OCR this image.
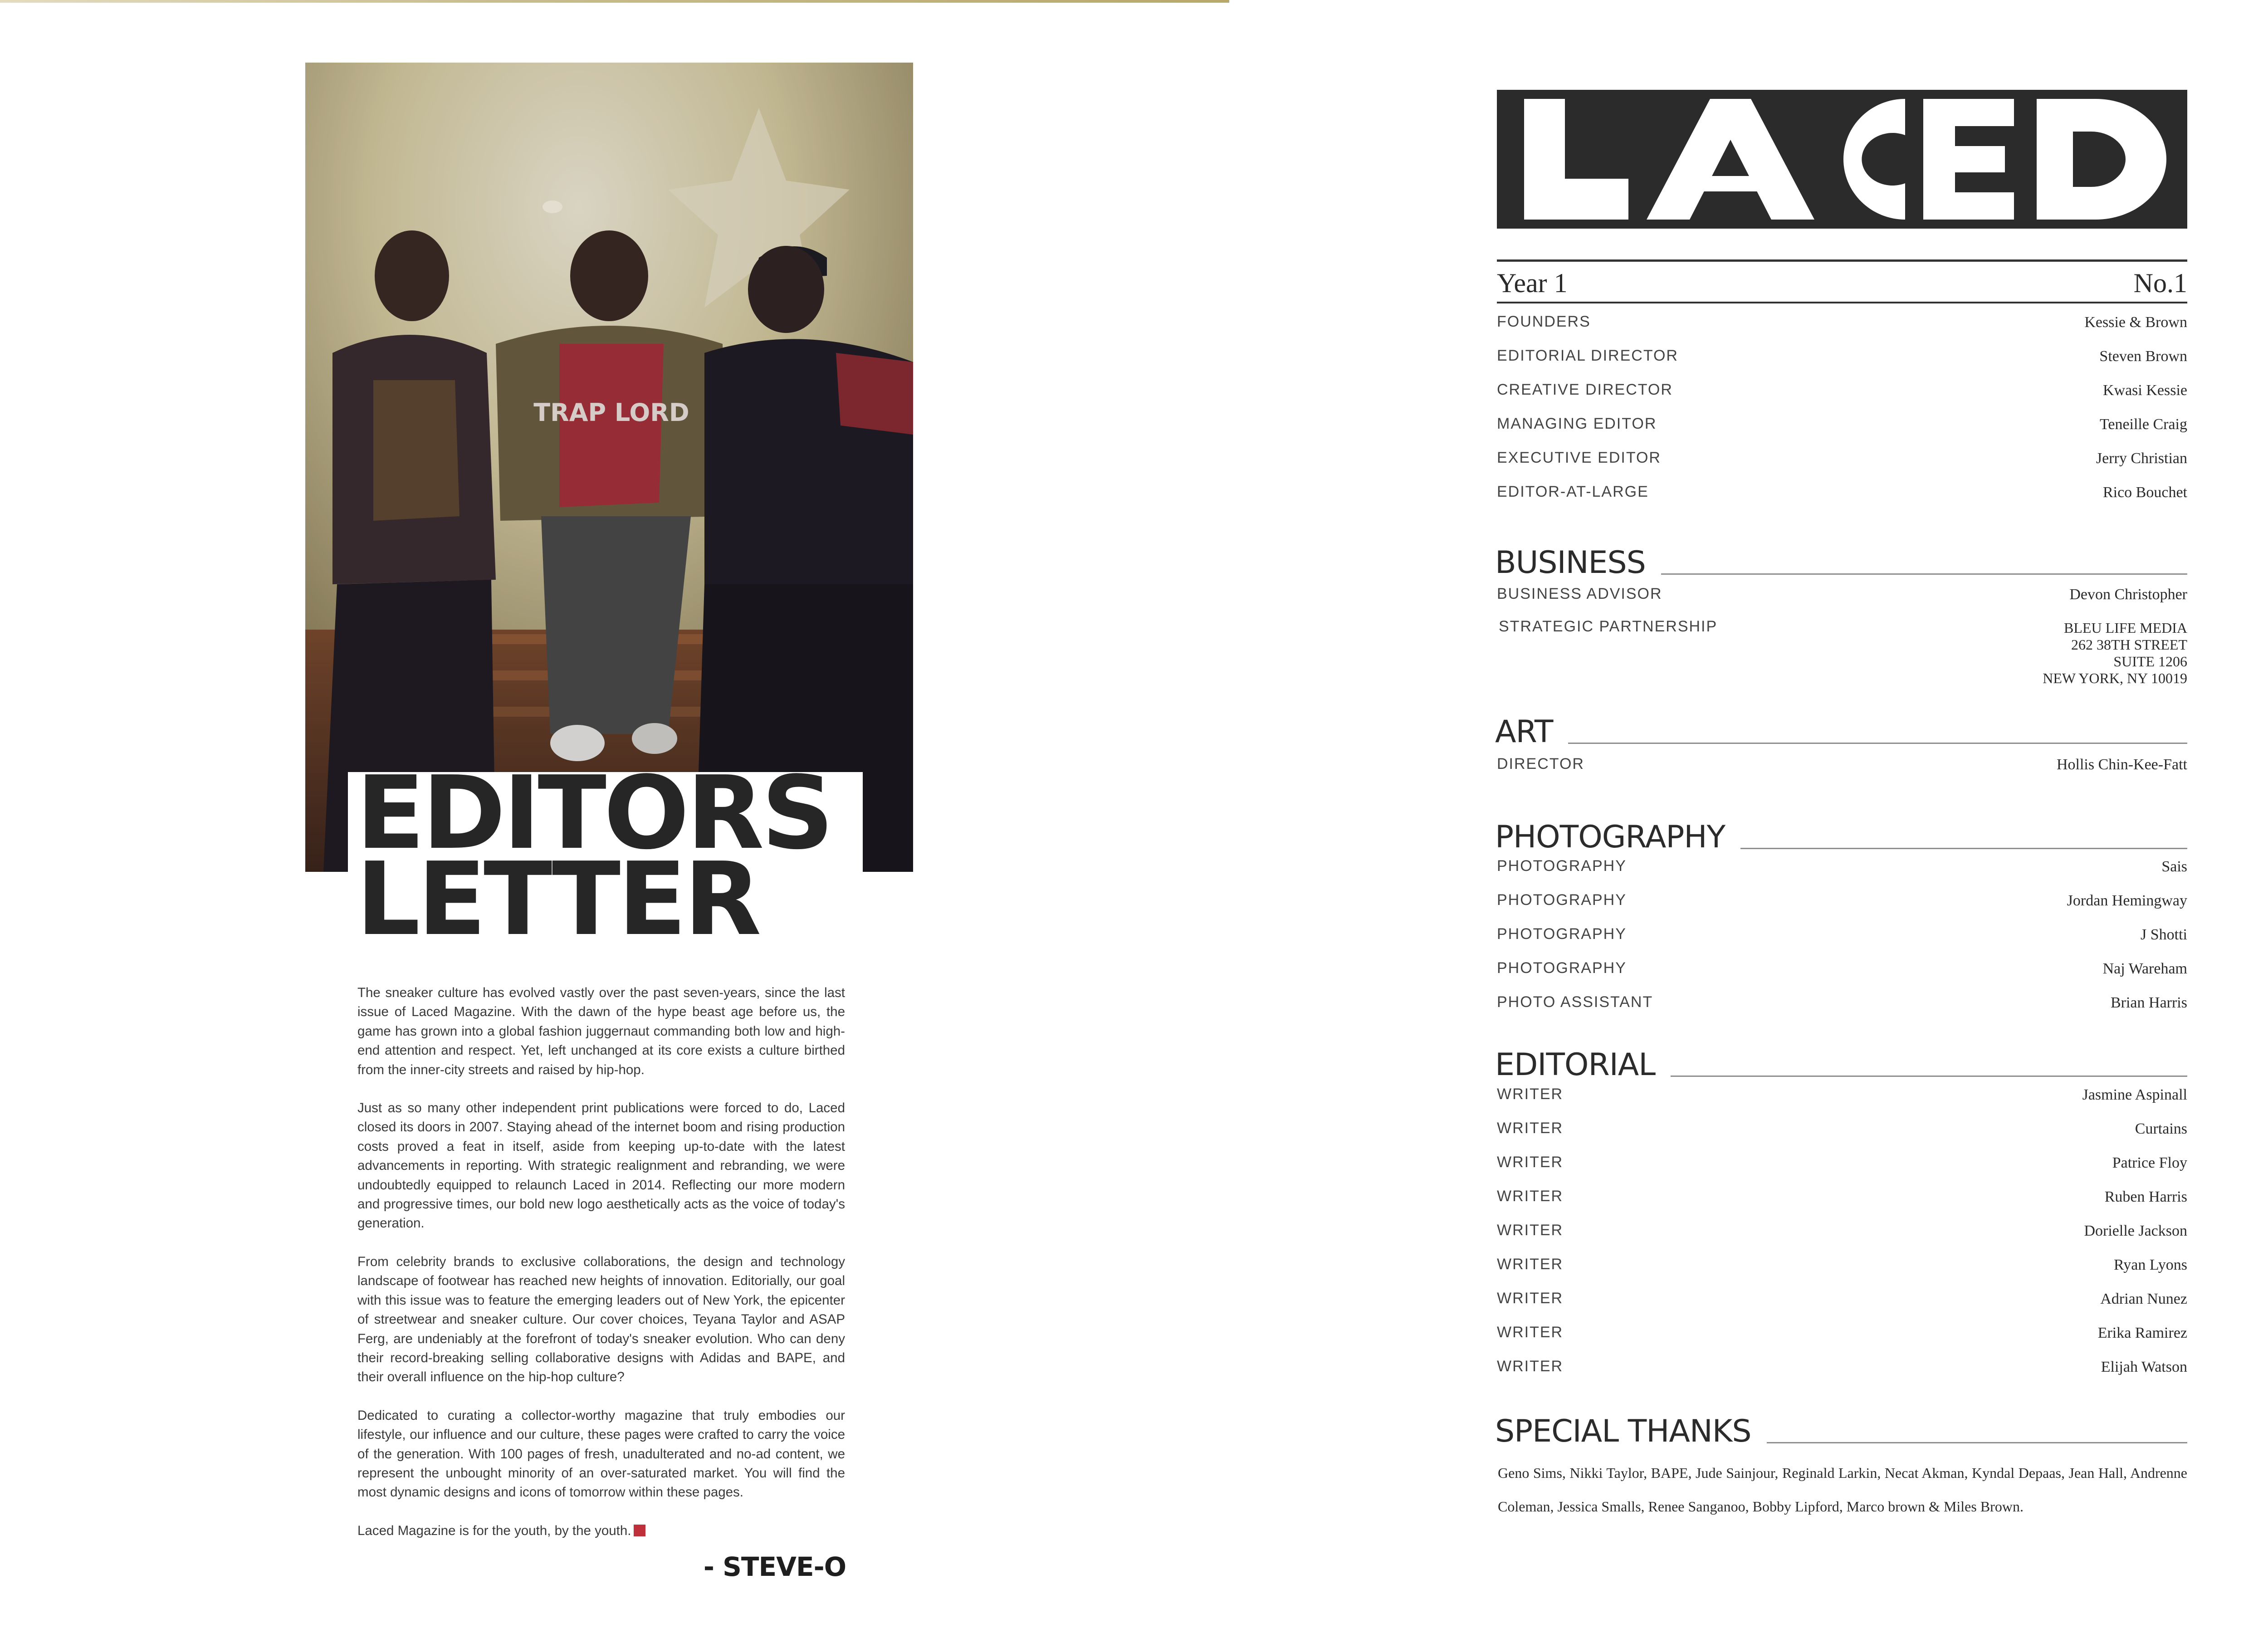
TRAP LORD
EDITORS
LETTER

The sneaker culture has evolved vastly over the past seven-years, since the last issue of Laced Magazine. With the dawn of the hype beast age before us, the game has grown into a global fashion juggernaut commanding both low and high-end attention and respect. Yet, left unchanged at its core exists a culture birthed from the inner-city streets and raised by hip-hop.

Just as so many other independent print publications were forced to do, Laced closed its doors in 2007. Staying ahead of the internet boom and rising production costs proved a feat in itself, aside from keeping up-to-date with the latest advancements in reporting. With strategic realignment and rebranding, we were undoubtedly equipped to relaunch Laced in 2014. Reflecting our more modern and progressive times, our bold new logo aesthetically acts as the voice of today's generation.

From celebrity brands to exclusive collaborations, the design and technology landscape of footwear has reached new heights of innovation. Editorially, our goal with this issue was to feature the emerging leaders out of New York, the epicenter of streetwear and sneaker culture. Our cover choices, Teyana Taylor and ASAP Ferg, are undeniably at the forefront of today's sneaker evolution. Who can deny their record-breaking selling collaborative designs with Adidas and BAPE, and their overall influence on the hip-hop culture?

Dedicated to curating a collector-worthy magazine that truly embodies our lifestyle, our influence and our culture, these pages were crafted to carry the voice of the generation. With 100 pages of fresh, unadulterated and no-ad content, we represent the unbought minority of an over-saturated market. You will find the most dynamic designs and icons of tomorrow within these pages.

Laced Magazine is for the youth, by the youth.

- STEVE-O
Year 1	No.1
FOUNDERS	Kessie & Brown
EDITORIAL DIRECTOR	Steven Brown
CREATIVE DIRECTOR	Kwasi Kessie
MANAGING EDITOR	Teneille Craig
EXECUTIVE EDITOR	Jerry Christian
EDITOR-AT-LARGE	Rico Bouchet
BUSINESS
BUSINESS ADVISOR	Devon Christopher
STRATEGIC PARTNERSHIP	BLEU LIFE MEDIA
262 38TH STREET
SUITE 1206
NEW YORK, NY 10019
ART
DIRECTOR	Hollis Chin-Kee-Fatt
PHOTOGRAPHY
PHOTOGRAPHY	Sais
PHOTOGRAPHY	Jordan Hemingway
PHOTOGRAPHY	J Shotti
PHOTOGRAPHY	Naj Wareham
PHOTO ASSISTANT	Brian Harris
EDITORIAL
WRITER	Jasmine Aspinall
WRITER	Curtains
WRITER	Patrice Floy
WRITER	Ruben Harris
WRITER	Dorielle Jackson
WRITER	Ryan Lyons
WRITER	Adrian Nunez
WRITER	Erika Ramirez
WRITER	Elijah Watson
SPECIAL THANKS
Geno Sims, Nikki Taylor, BAPE, Jude Sainjour, Reginald Larkin, Necat Akman, Kyndal Depaas, Jean Hall, Andrenne Coleman, Jessica Smalls, Renee Sanganoo, Bobby Lipford, Marco brown & Miles Brown.
